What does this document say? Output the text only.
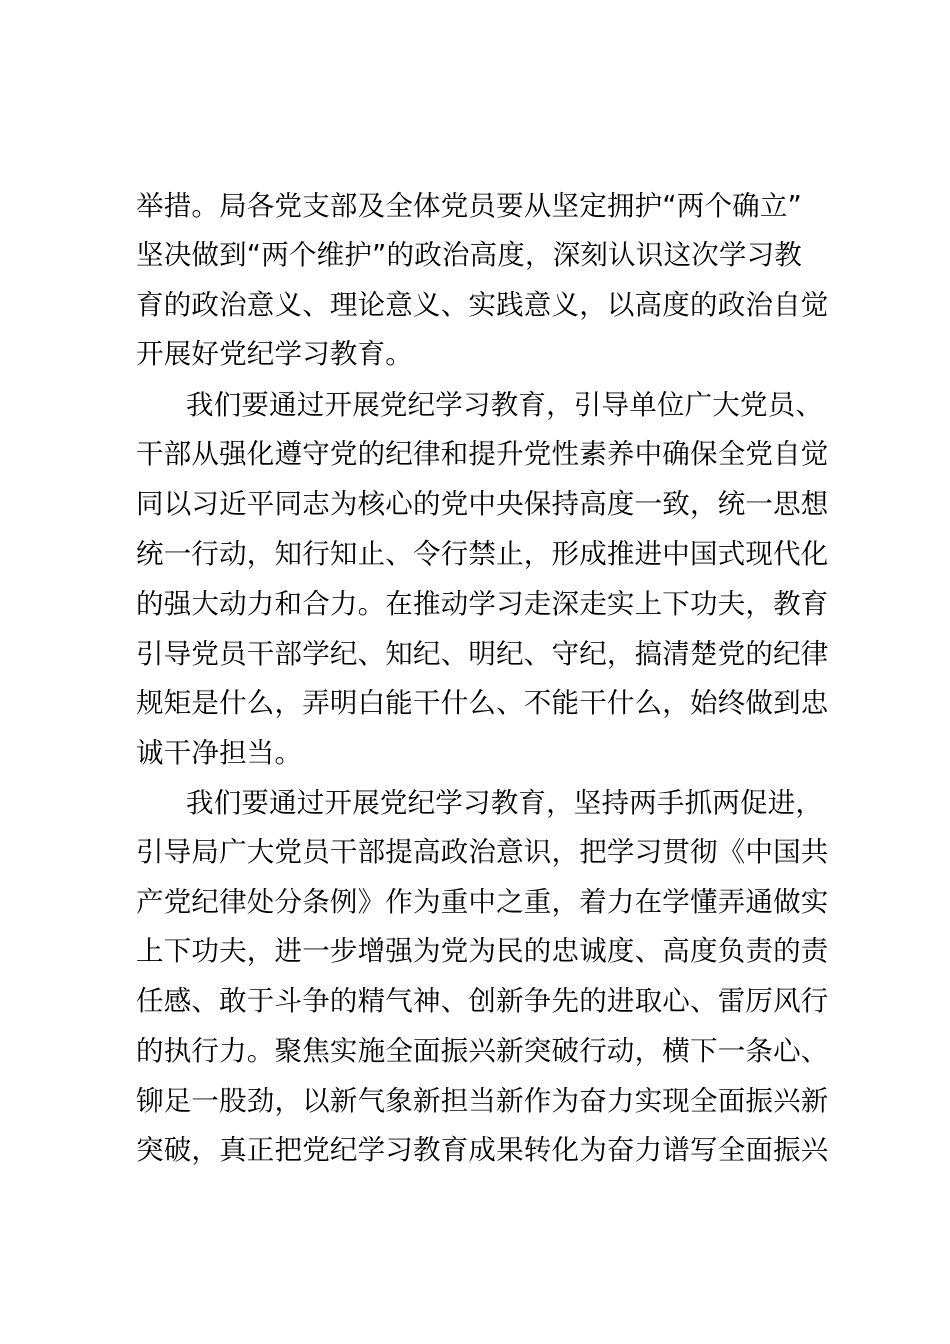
举措。局各党支部及全体党员要从坚定拥护“两个确立”
坚决做到“两个维护”的政治高度，深刻认识这次学习教
育的政治意义、理论意义、实践意义，以高度的政治自觉
开展好党纪学习教育。
我们要通过开展党纪学习教育，引导单位广大党员、
干部从强化遵守党的纪律和提升党性素养中确保全党自觉
同以习近平同志为核心的党中央保持高度一致，统一思想
统一行动，知行知止、令行禁止，形成推进中国式现代化
的强大动力和合力。在推动学习走深走实上下功夫，教育
引导党员干部学纪、知纪、明纪、守纪，搞清楚党的纪律
规矩是什么，弄明白能干什么、不能干什么，始终做到忠
诚干净担当。
我们要通过开展党纪学习教育，坚持两手抓两促进，
引导局广大党员干部提高政治意识，把学习贯彻《中国共
产党纪律处分条例》作为重中之重，着力在学懂弄通做实
上下功夫，进一步增强为党为民的忠诚度、高度负责的责
任感、敢于斗争的精气神、创新争先的进取心、雷厉风行
的执行力。聚焦实施全面振兴新突破行动，横下一条心、
铆足一股劲，以新气象新担当新作为奋力实现全面振兴新
突破，真正把党纪学习教育成果转化为奋力谱写全面振兴
